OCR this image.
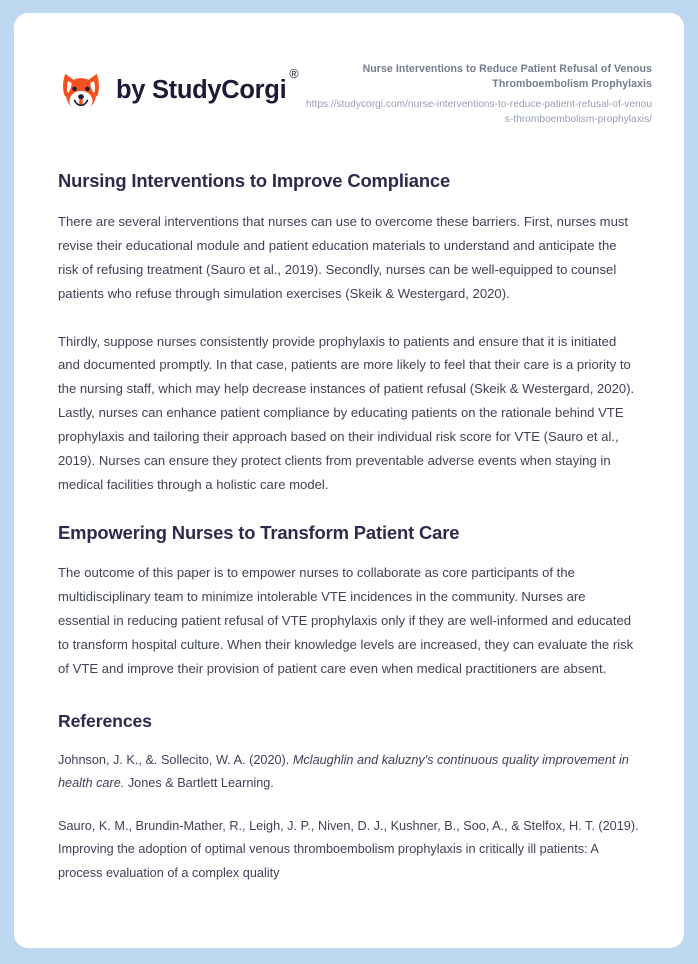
by StudyCorgi®	Nurse Interventions to Reduce Patient Refusal of Venous Thromboembolism Prophylaxis
https://studycorgi.com/nurse-interventions-to-reduce-patient-refusal-of-venous-thromboembolism-prophylaxis/
Nursing Interventions to Improve Compliance

There are several interventions that nurses can use to overcome these barriers. First, nurses must revise their educational module and patient education materials to understand and anticipate the risk of refusing treatment (Sauro et al., 2019). Secondly, nurses can be well-equipped to counsel patients who refuse through simulation exercises (Skeik & Westergard, 2020).

Thirdly, suppose nurses consistently provide prophylaxis to patients and ensure that it is initiated and documented promptly. In that case, patients are more likely to feel that their care is a priority to the nursing staff, which may help decrease instances of patient refusal (Skeik & Westergard, 2020). Lastly, nurses can enhance patient compliance by educating patients on the rationale behind VTE prophylaxis and tailoring their approach based on their individual risk score for VTE (Sauro et al., 2019). Nurses can ensure they protect clients from preventable adverse events when staying in medical facilities through a holistic care model.

Empowering Nurses to Transform Patient Care

The outcome of this paper is to empower nurses to collaborate as core participants of the multidisciplinary team to minimize intolerable VTE incidences in the community. Nurses are essential in reducing patient refusal of VTE prophylaxis only if they are well-informed and educated to transform hospital culture. When their knowledge levels are increased, they can evaluate the risk of VTE and improve their provision of patient care even when medical practitioners are absent.

References

Johnson, J. K., &. Sollecito, W. A. (2020). Mclaughlin and kaluzny's continuous quality improvement in health care. Jones & Bartlett Learning.

Sauro, K. M., Brundin-Mather, R., Leigh, J. P., Niven, D. J., Kushner, B., Soo, A., & Stelfox, H. T. (2019). Improving the adoption of optimal venous thromboembolism prophylaxis in critically ill patients: A process evaluation of a complex quality
